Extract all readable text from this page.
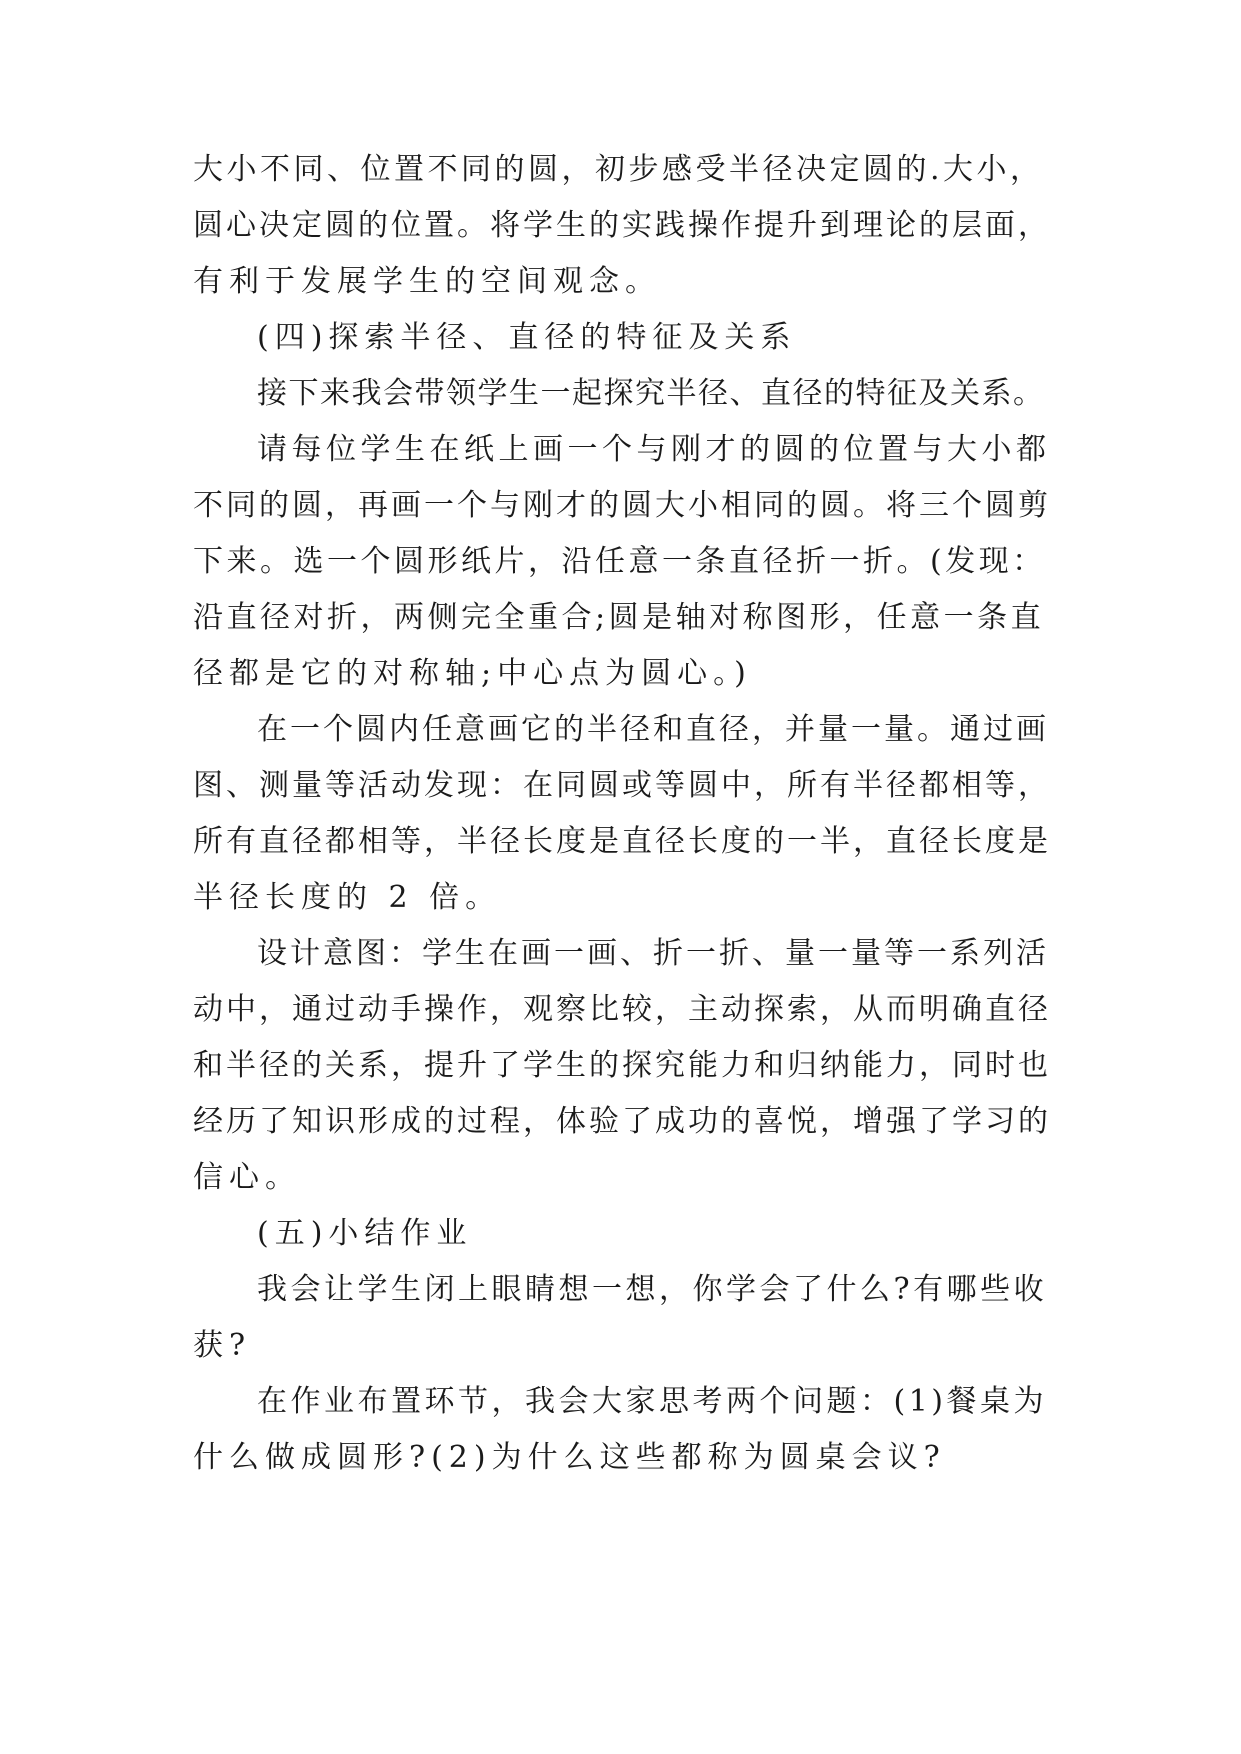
大小不同、位置不同的圆，初步感受半径决定圆的.大小，
圆心决定圆的位置。将学生的实践操作提升到理论的层面，
有利于发展学生的空间观念。
(四)探索半径、直径的特征及关系
接下来我会带领学生一起探究半径、直径的特征及关系。
请每位学生在纸上画一个与刚才的圆的位置与大小都
不同的圆，再画一个与刚才的圆大小相同的圆。将三个圆剪
下来。选一个圆形纸片，沿任意一条直径折一折。(发现：
沿直径对折，两侧完全重合;圆是轴对称图形，任意一条直
径都是它的对称轴;中心点为圆心。)
在一个圆内任意画它的半径和直径，并量一量。通过画
图、测量等活动发现：在同圆或等圆中，所有半径都相等，
所有直径都相等，半径长度是直径长度的一半，直径长度是
半径长度的 2 倍。
设计意图：学生在画一画、折一折、量一量等一系列活
动中，通过动手操作，观察比较，主动探索，从而明确直径
和半径的关系，提升了学生的探究能力和归纳能力，同时也
经历了知识形成的过程，体验了成功的喜悦，增强了学习的
信心。
(五)小结作业
我会让学生闭上眼睛想一想，你学会了什么?有哪些收
获?
在作业布置环节，我会大家思考两个问题：(1)餐桌为
什么做成圆形?(2)为什么这些都称为圆桌会议?
